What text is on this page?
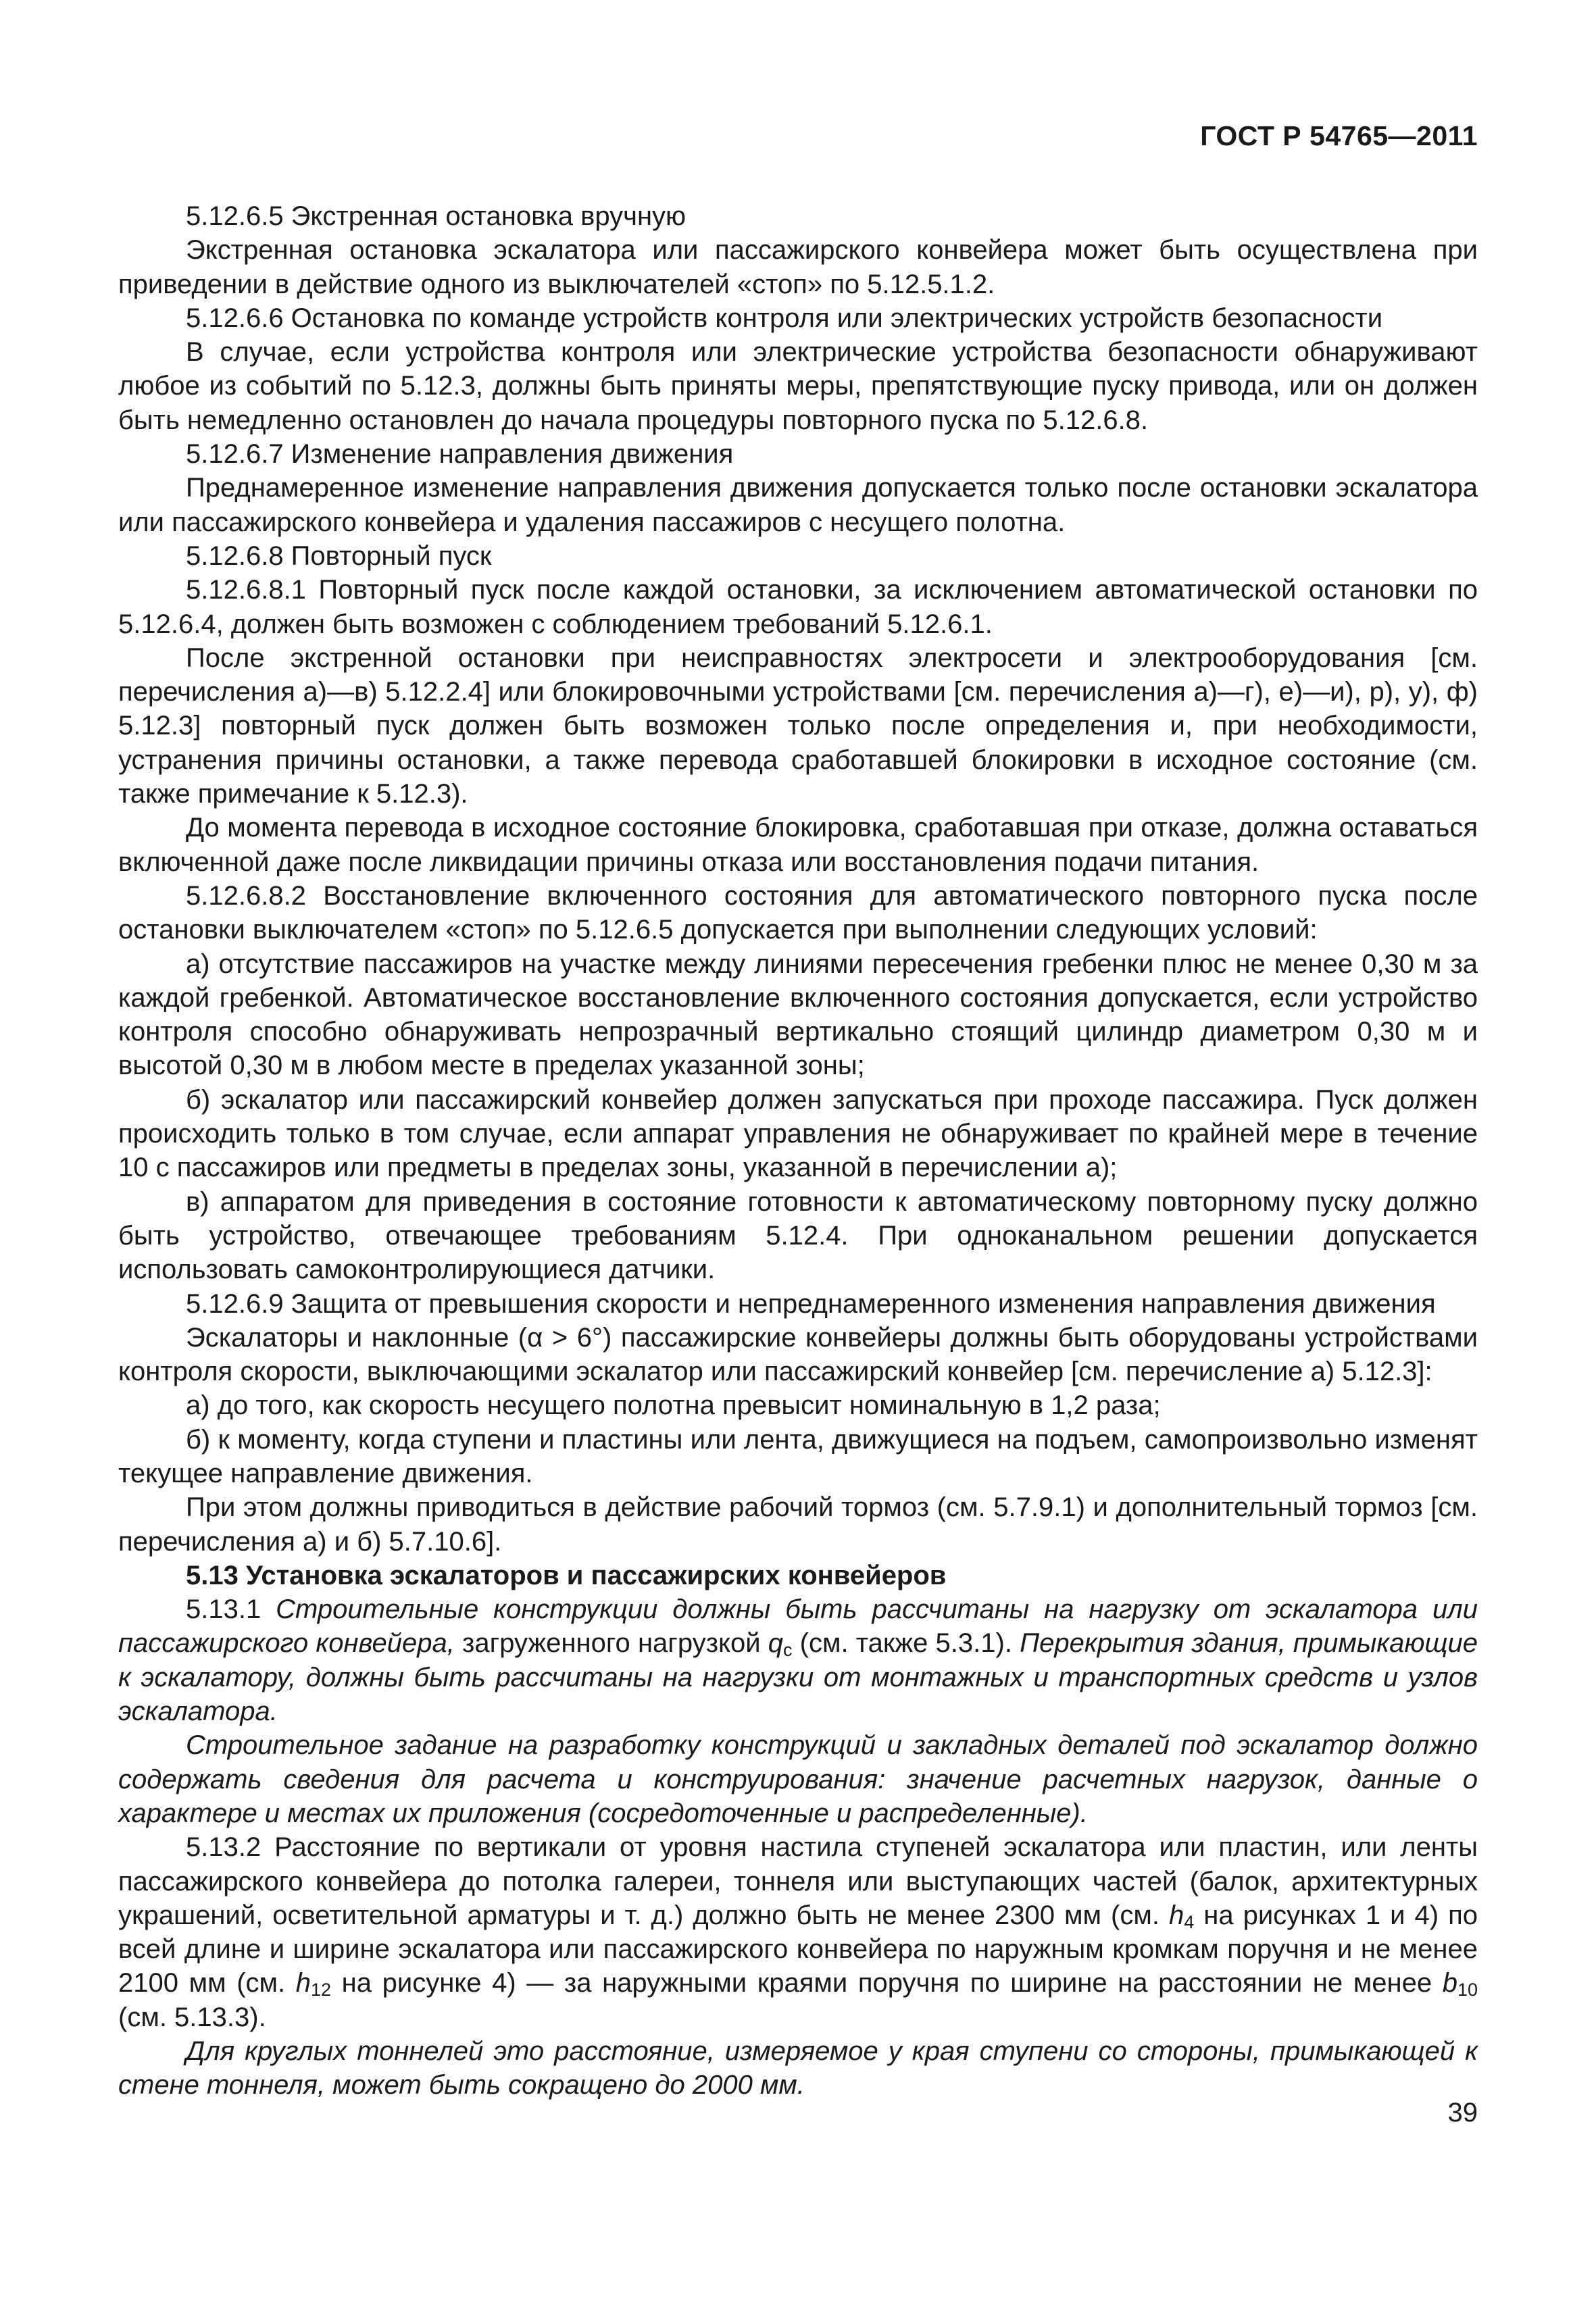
ГОСТ Р 54765—2011

5.12.6.5 Экстренная остановка вручную

Экстренная остановка эскалатора или пассажирского конвейера может быть осуществлена при приведении в действие одного из выключателей «стоп» по 5.12.5.1.2.

5.12.6.6 Остановка по команде устройств контроля или электрических устройств безопасности

В случае, если устройства контроля или электрические устройства безопасности обнаруживают любое из событий по 5.12.3, должны быть приняты меры, препятствующие пуску привода, или он должен быть немедленно остановлен до начала процедуры повторного пуска по 5.12.6.8.

5.12.6.7 Изменение направления движения

Преднамеренное изменение направления движения допускается только после остановки эскалатора или пассажирского конвейера и удаления пассажиров с несущего полотна.

5.12.6.8 Повторный пуск

5.12.6.8.1 Повторный пуск после каждой остановки, за исключением автоматической остановки по 5.12.6.4, должен быть возможен с соблюдением требований 5.12.6.1.

После экстренной остановки при неисправностях электросети и электрооборудования [см. перечисления а)—в) 5.12.2.4] или блокировочными устройствами [см. перечисления а)—г), е)—и), р), у), ф) 5.12.3] повторный пуск должен быть возможен только после определения и, при необходимости, устранения причины остановки, а также перевода сработавшей блокировки в исходное состояние (см. также примечание к 5.12.3).

До момента перевода в исходное состояние блокировка, сработавшая при отказе, должна оставаться включенной даже после ликвидации причины отказа или восстановления подачи питания.

5.12.6.8.2 Восстановление включенного состояния для автоматического повторного пуска после остановки выключателем «стоп» по 5.12.6.5 допускается при выполнении следующих условий:

а) отсутствие пассажиров на участке между линиями пересечения гребенки плюс не менее 0,30 м за каждой гребенкой. Автоматическое восстановление включенного состояния допускается, если устройство контроля способно обнаруживать непрозрачный вертикально стоящий цилиндр диаметром 0,30 м и высотой 0,30 м в любом месте в пределах указанной зоны;

б) эскалатор или пассажирский конвейер должен запускаться при проходе пассажира. Пуск должен происходить только в том случае, если аппарат управления не обнаруживает по крайней мере в течение 10 с пассажиров или предметы в пределах зоны, указанной в перечислении а);

в) аппаратом для приведения в состояние готовности к автоматическому повторному пуску должно быть устройство, отвечающее требованиям 5.12.4. При одноканальном решении допускается использовать самоконтролирующиеся датчики.

5.12.6.9 Защита от превышения скорости и непреднамеренного изменения направления движения

Эскалаторы и наклонные (α > 6°) пассажирские конвейеры должны быть оборудованы устройствами контроля скорости, выключающими эскалатор или пассажирский конвейер [см. перечисление а) 5.12.3]:

а) до того, как скорость несущего полотна превысит номинальную в 1,2 раза;

б) к моменту, когда ступени и пластины или лента, движущиеся на подъем, самопроизвольно изменят текущее направление движения.

При этом должны приводиться в действие рабочий тормоз (см. 5.7.9.1) и дополнительный тормоз [см. перечисления а) и б) 5.7.10.6].

5.13 Установка эскалаторов и пассажирских конвейеров

5.13.1 Строительные конструкции должны быть рассчитаны на нагрузку от эскалатора или пассажирского конвейера, загруженного нагрузкой $q_c$ (см. также 5.3.1). Перекрытия здания, примыкающие к эскалатору, должны быть рассчитаны на нагрузки от монтажных и транспортных средств и узлов эскалатора.

Строительное задание на разработку конструкций и закладных деталей под эскалатор должно содержать сведения для расчета и конструирования: значение расчетных нагрузок, данные о характере и местах их приложения (сосредоточенные и распределенные).

5.13.2 Расстояние по вертикали от уровня настила ступеней эскалатора или пластин, или ленты пассажирского конвейера до потолка галереи, тоннеля или выступающих частей (балок, архитектурных украшений, осветительной арматуры и т. д.) должно быть не менее 2300 мм (см. $h_4$ на рисунках 1 и 4) по всей длине и ширине эскалатора или пассажирского конвейера по наружным кромкам поручня и не менее 2100 мм (см. $h_{12}$ на рисунке 4) — за наружными краями поручня по ширине на расстоянии не менее $b_{10}$ (см. 5.13.3).

Для круглых тоннелей это расстояние, измеряемое у края ступени со стороны, примыкающей к стене тоннеля, может быть сокращено до 2000 мм.

39
